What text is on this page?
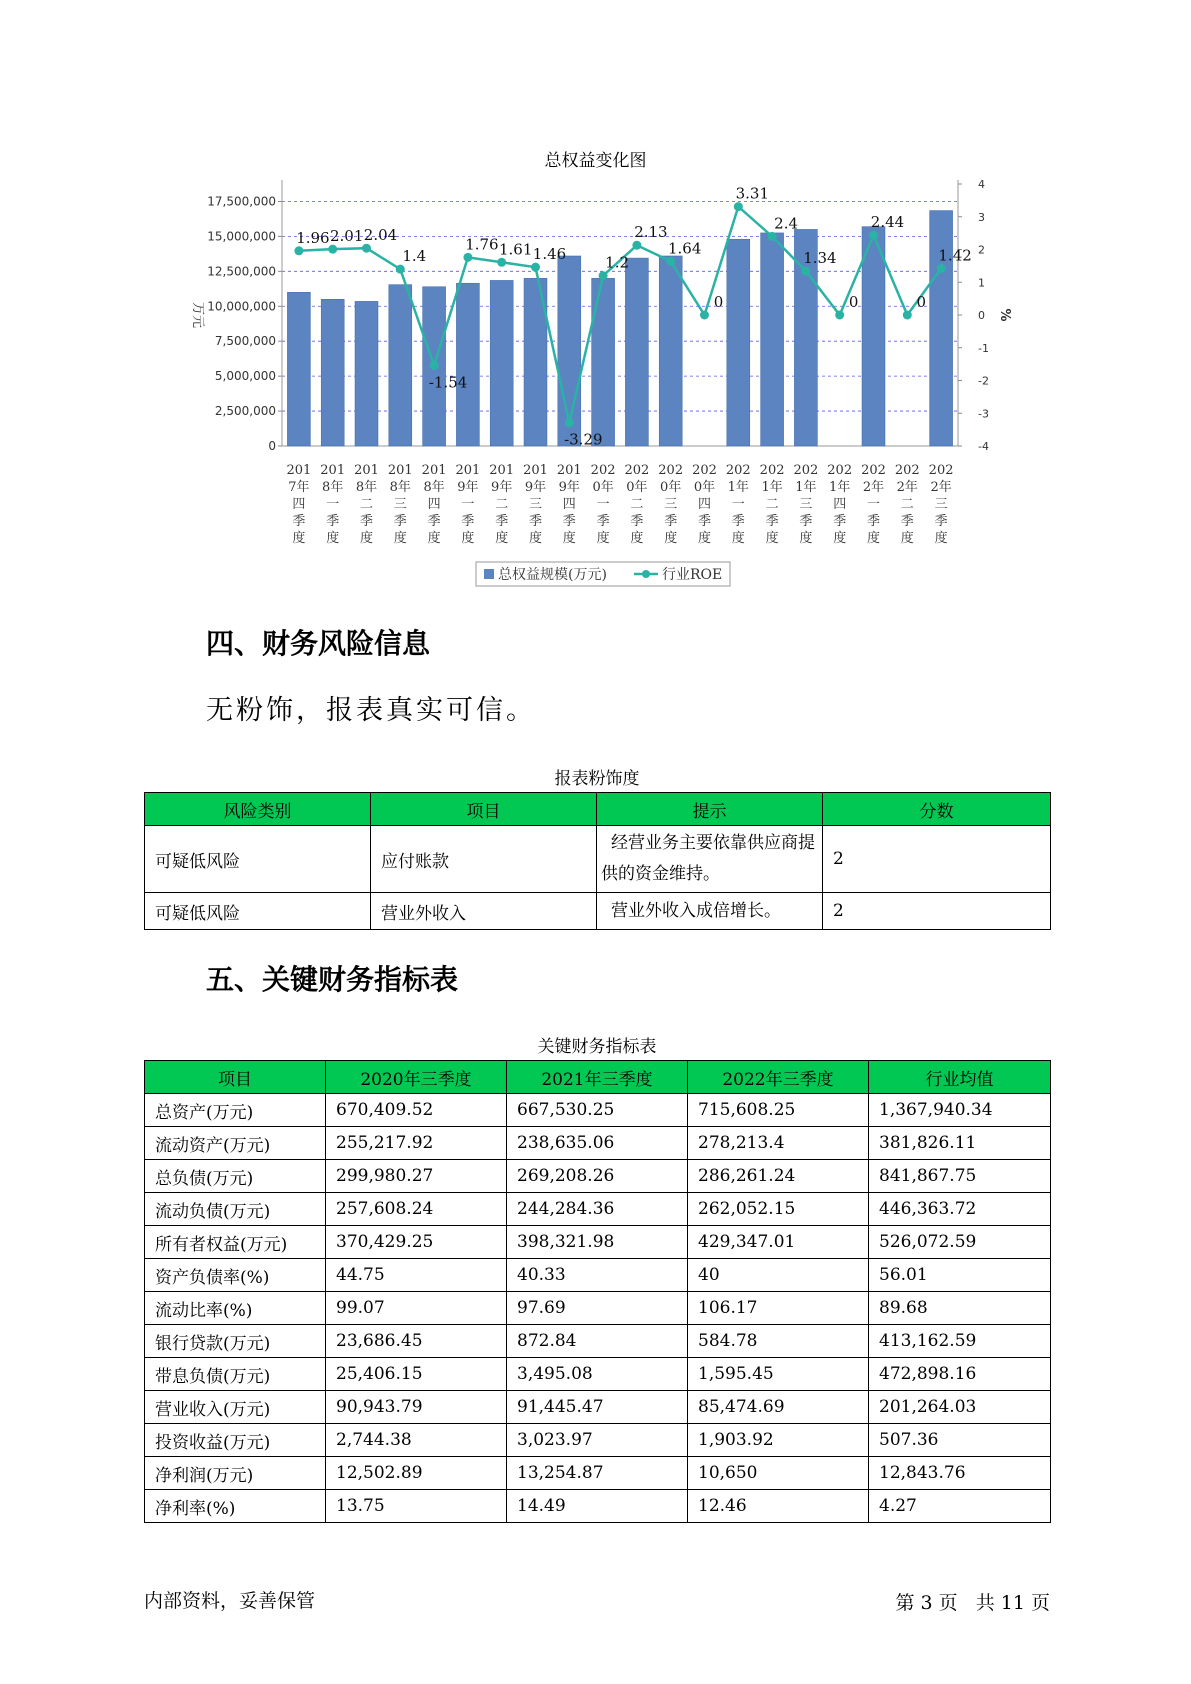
总权益变化图
0
2,500,000
5,000,000
7,500,000
10,000,000
12,500,000
15,000,000
17,500,000
-4
-3
-2
-1
0
1
2
3
4
万元	%
1.96 2.01 2.04
1.4
-1.54
1.76 1.61 1.46
-3.29
1.2
2.13
1.64
0
3.31
2.4
1.34
0
2.44
0
1.42
201 7年四季度
201 8年一季度
201 8年二季度
201 8年三季度
201 8年四季度
201 9年一季度
201 9年二季度
201 9年三季度
201 9年四季度
202 0年一季度
202 0年二季度
202 0年三季度
202 0年四季度
202 1年一季度
202 1年二季度
202 1年三季度
202 1年四季度
202 2年一季度
202 2年二季度
202 2年三季度
总权益规模(万元)	行业ROE
四、财务风险信息
无粉饰，报表真实可信。
报表粉饰度
风险类别	项目	提示	分数
可疑低风险	应付账款	经营业务主要依靠供应商提供的资金维持。	2
可疑低风险	营业外收入	营业外收入成倍增长。	2
五、关键财务指标表
关键财务指标表
项目	2020年三季度	2021年三季度	2022年三季度	行业均值
总资产(万元)	670,409.52	667,530.25	715,608.25	1,367,940.34
流动资产(万元)	255,217.92	238,635.06	278,213.4	381,826.11
总负债(万元)	299,980.27	269,208.26	286,261.24	841,867.75
流动负债(万元)	257,608.24	244,284.36	262,052.15	446,363.72
所有者权益(万元)	370,429.25	398,321.98	429,347.01	526,072.59
资产负债率(%)	44.75	40.33	40	56.01
流动比率(%)	99.07	97.69	106.17	89.68
银行贷款(万元)	23,686.45	872.84	584.78	413,162.59
带息负债(万元)	25,406.15	3,495.08	1,595.45	472,898.16
营业收入(万元)	90,943.79	91,445.47	85,474.69	201,264.03
投资收益(万元)	2,744.38	3,023.97	1,903.92	507.36
净利润(万元)	12,502.89	13,254.87	10,650	12,843.76
净利率(%)	13.75	14.49	12.46	4.27
内部资料，妥善保管	第 3 页   共 11 页
